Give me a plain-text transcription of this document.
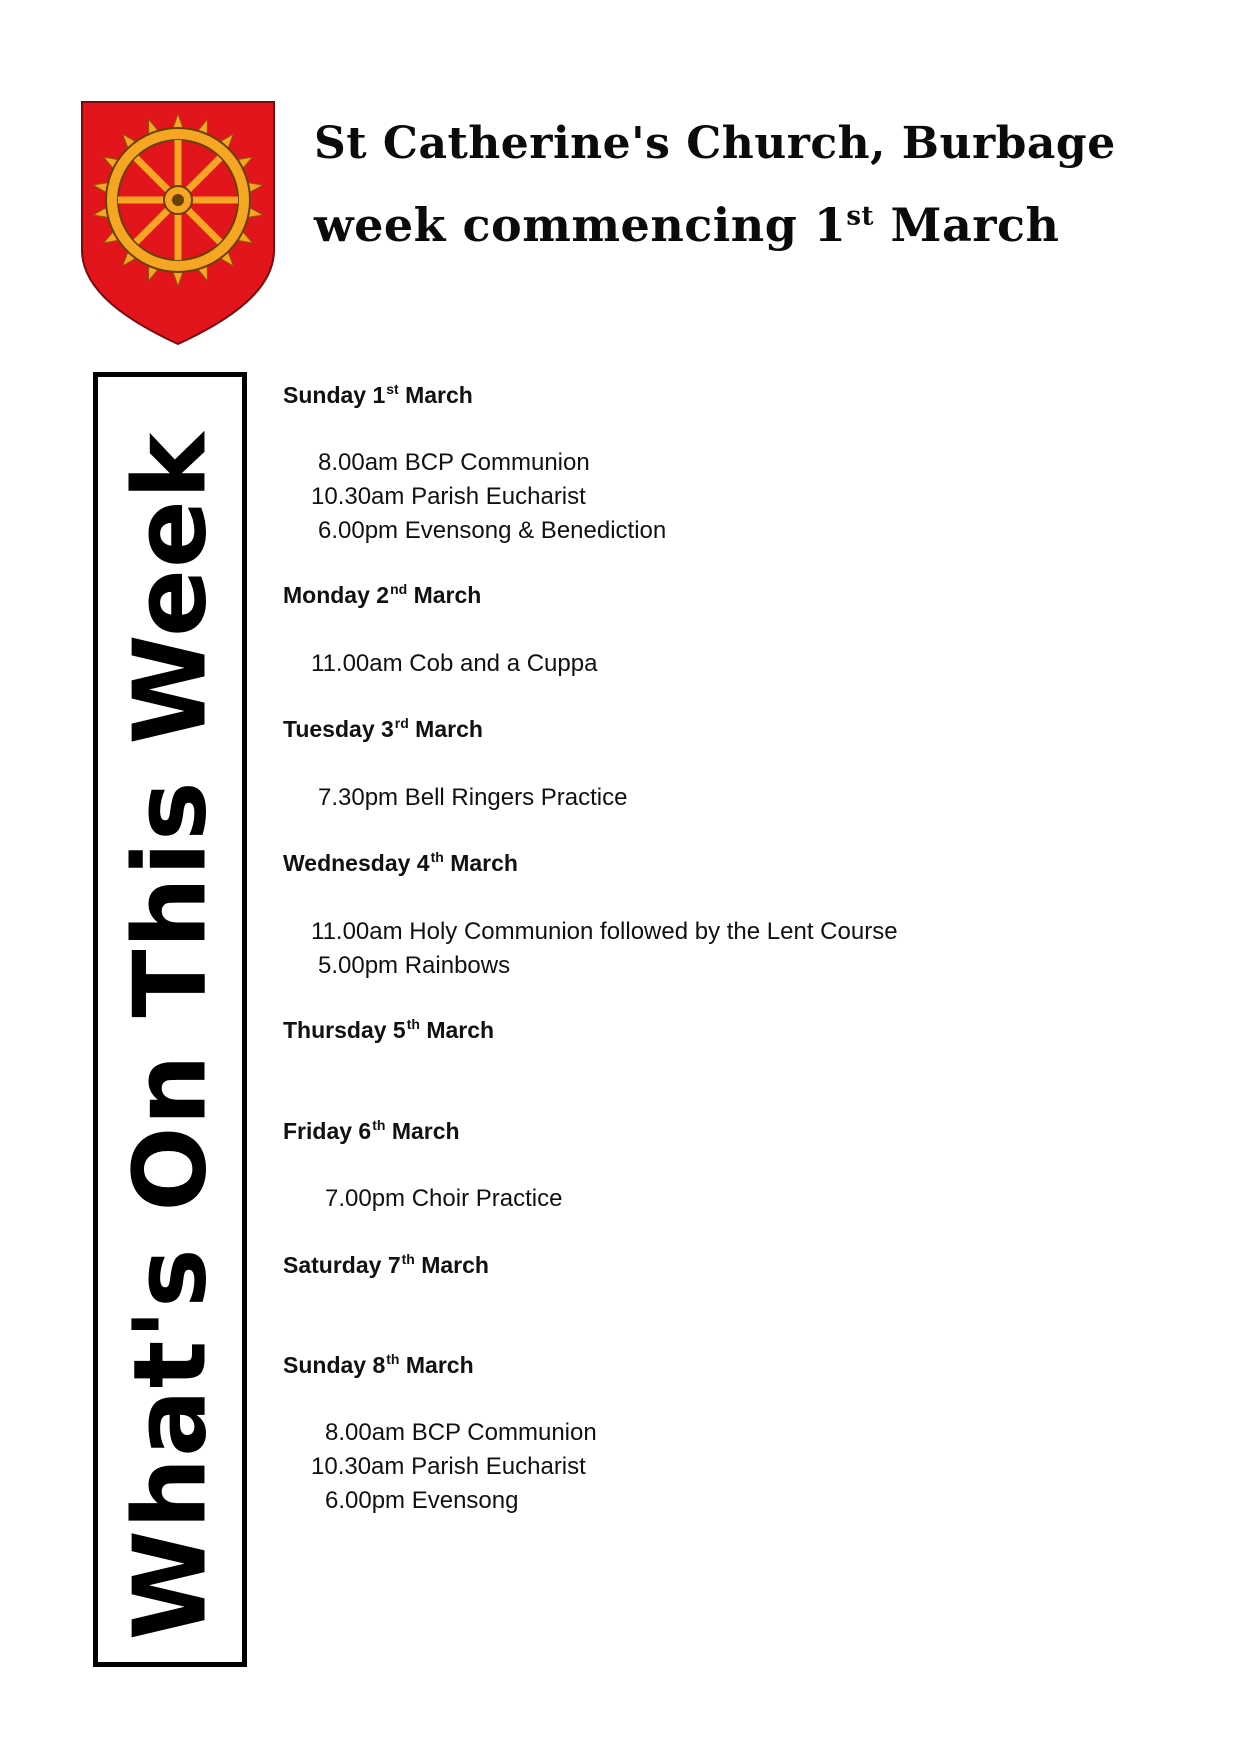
St Catherine's Church, Burbage
week commencing 1st March
What's On This Week
Sunday 1st March
8.00am BCP Communion
10.30am Parish Eucharist
6.00pm Evensong & Benediction
Monday 2nd March
11.00am Cob and a Cuppa
Tuesday 3rd March
7.30pm Bell Ringers Practice
Wednesday 4th March
11.00am Holy Communion followed by the Lent Course
5.00pm Rainbows
Thursday 5th March
Friday 6th March
7.00pm Choir Practice
Saturday 7th March
Sunday 8th March
8.00am BCP Communion
10.30am Parish Eucharist
6.00pm Evensong
